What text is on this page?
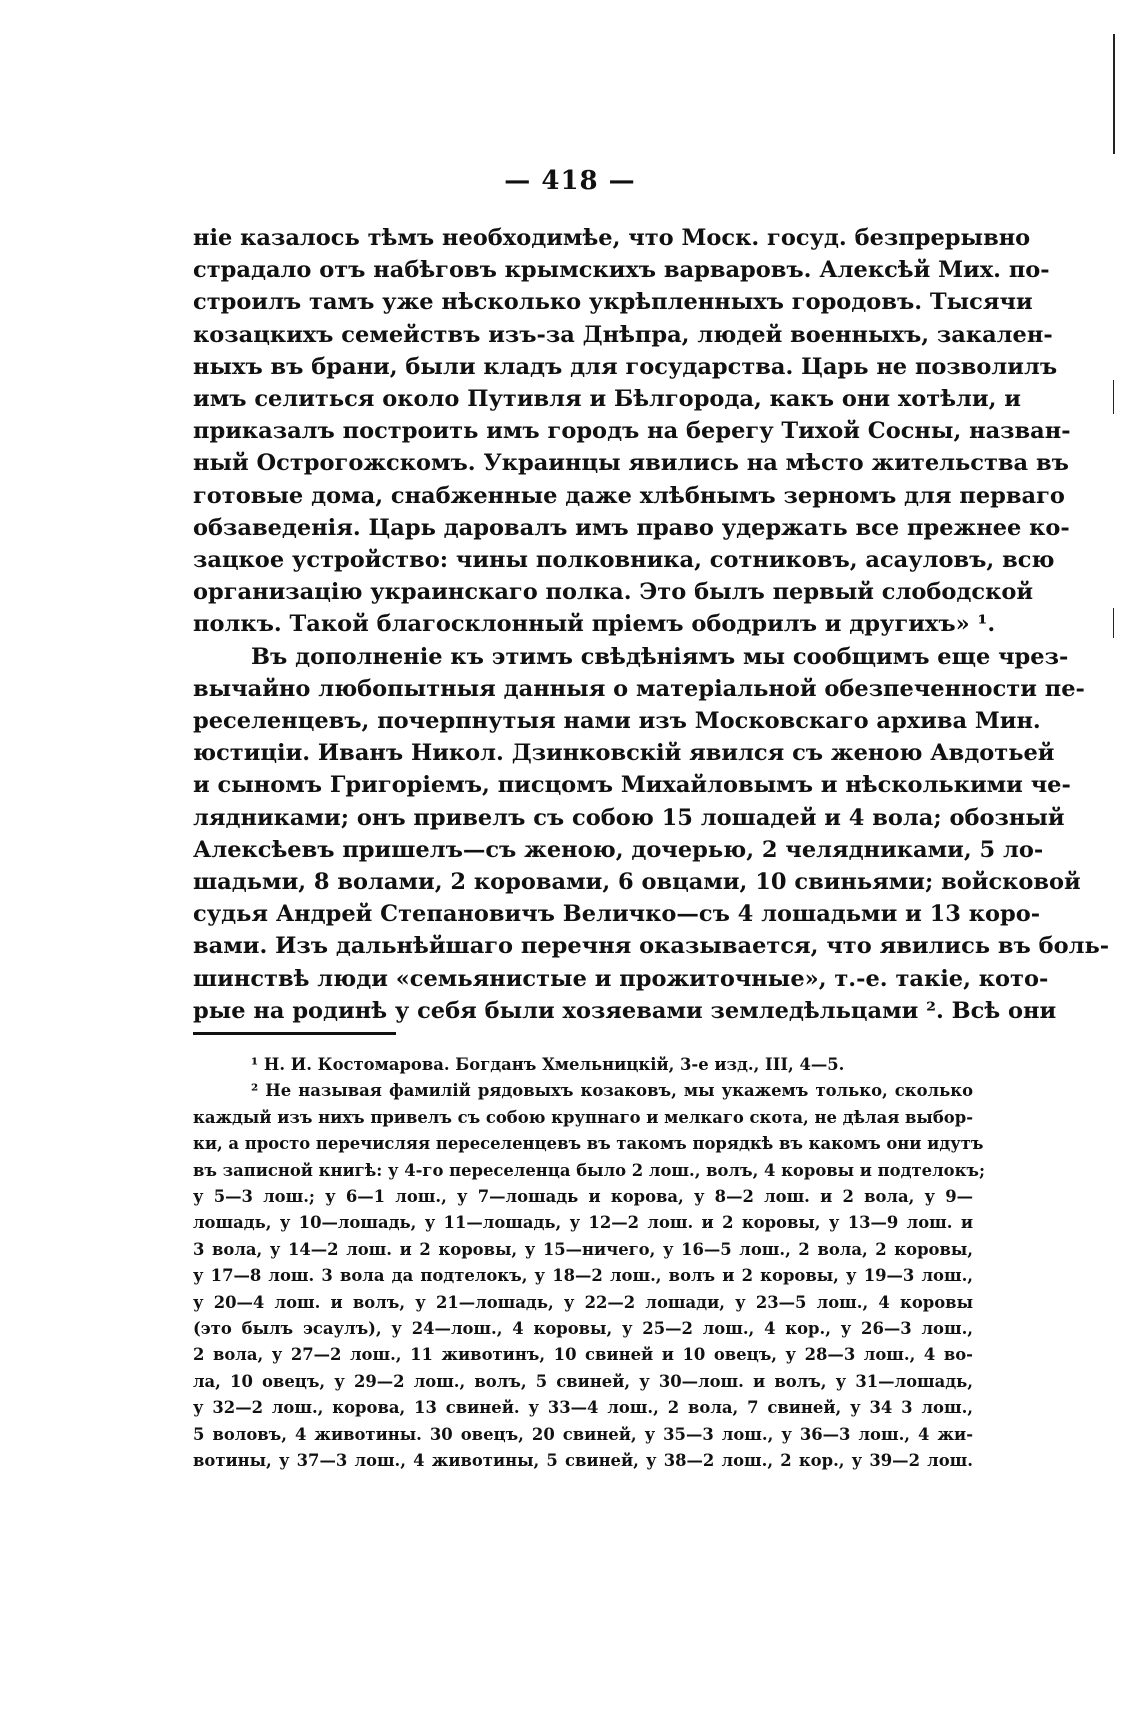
— 418 —
ніе казалось тѣмъ необходимѣе, что Моск. госуд. безпрерывно
страдало отъ набѣговъ крымскихъ варваровъ. Алексѣй Мих. по-
строилъ тамъ уже нѣсколько укрѣпленныхъ городовъ. Тысячи
козацкихъ семействъ изъ-за Днѣпра, людей военныхъ, закален-
ныхъ въ брани, были кладъ для государства. Царь не позволилъ
имъ селиться около Путивля и Бѣлгорода, какъ они хотѣли, и
приказалъ построить имъ городъ на берегу Тихой Сосны, назван-
ный Острогожскомъ. Украинцы явились на мѣсто жительства въ
готовые дома, снабженные даже хлѣбнымъ зерномъ для перваго
обзаведенія. Царь даровалъ имъ право удержать все прежнее ко-
зацкое устройство: чины полковника, сотниковъ, асауловъ, всю
организацію украинскаго полка. Это былъ первый слободской
полкъ. Такой благосклонный пріемъ ободрилъ и другихъ» ¹.
Въ дополненіе къ этимъ свѣдѣніямъ мы сообщимъ еще чрез-
вычайно любопытныя данныя о матеріальной обезпеченности пе-
реселенцевъ, почерпнутыя нами изъ Московскаго архива Мин.
юстиціи. Иванъ Никол. Дзинковскій явился съ женою Авдотьей
и сыномъ Григоріемъ, писцомъ Михайловымъ и нѣсколькими че-
лядниками; онъ привелъ съ собою 15 лошадей и 4 вола; обозный
Алексѣевъ пришелъ—съ женою, дочерью, 2 челядниками, 5 ло-
шадьми, 8 волами, 2 коровами, 6 овцами, 10 свиньями; войсковой
судья Андрей Степановичъ Величко—съ 4 лошадьми и 13 коро-
вами. Изъ дальнѣйшаго перечня оказывается, что явились въ боль-
шинствѣ люди «семьянистые и прожиточные», т.-е. такіе, кото-
рые на родинѣ у себя были хозяевами земледѣльцами ². Всѣ они
¹ Н. И. Костомарова. Богданъ Хмельницкій, 3-е изд., III, 4—5.
² Не называя фамилій рядовыхъ козаковъ, мы укажемъ только, сколько
каждый изъ нихъ привелъ съ собою крупнаго и мелкаго скота, не дѣлая выбор-
ки, а просто перечисляя переселенцевъ въ такомъ порядкѣ въ какомъ они идутъ
въ записной книгѣ: у 4-го переселенца было 2 лош., волъ, 4 коровы и подтелокъ;
у 5—3 лош.; у 6—1 лош., у 7—лошадь и корова, у 8—2 лош. и 2 вола, у 9—
лошадь, у 10—лошадь, у 11—лошадь, у 12—2 лош. и 2 коровы, у 13—9 лош. и
3 вола, у 14—2 лош. и 2 коровы, у 15—ничего, у 16—5 лош., 2 вола, 2 коровы,
у 17—8 лош. 3 вола да подтелокъ, у 18—2 лош., волъ и 2 коровы, у 19—3 лош.,
у 20—4 лош. и волъ, у 21—лошадь, у 22—2 лошади, у 23—5 лош., 4 коровы
(это былъ эсаулъ), у 24—лош., 4 коровы, у 25—2 лош., 4 кор., у 26—3 лош.,
2 вола, у 27—2 лош., 11 животинъ, 10 свиней и 10 овецъ, у 28—3 лош., 4 во-
ла, 10 овецъ, у 29—2 лош., волъ, 5 свиней, у 30—лош. и волъ, у 31—лошадь,
у 32—2 лош., корова, 13 свиней. у 33—4 лош., 2 вола, 7 свиней, у 34 3 лош.,
5 воловъ, 4 животины. 30 овецъ, 20 свиней, у 35—3 лош., у 36—3 лош., 4 жи-
вотины, у 37—3 лош., 4 животины, 5 свиней, у 38—2 лош., 2 кор., у 39—2 лош.
